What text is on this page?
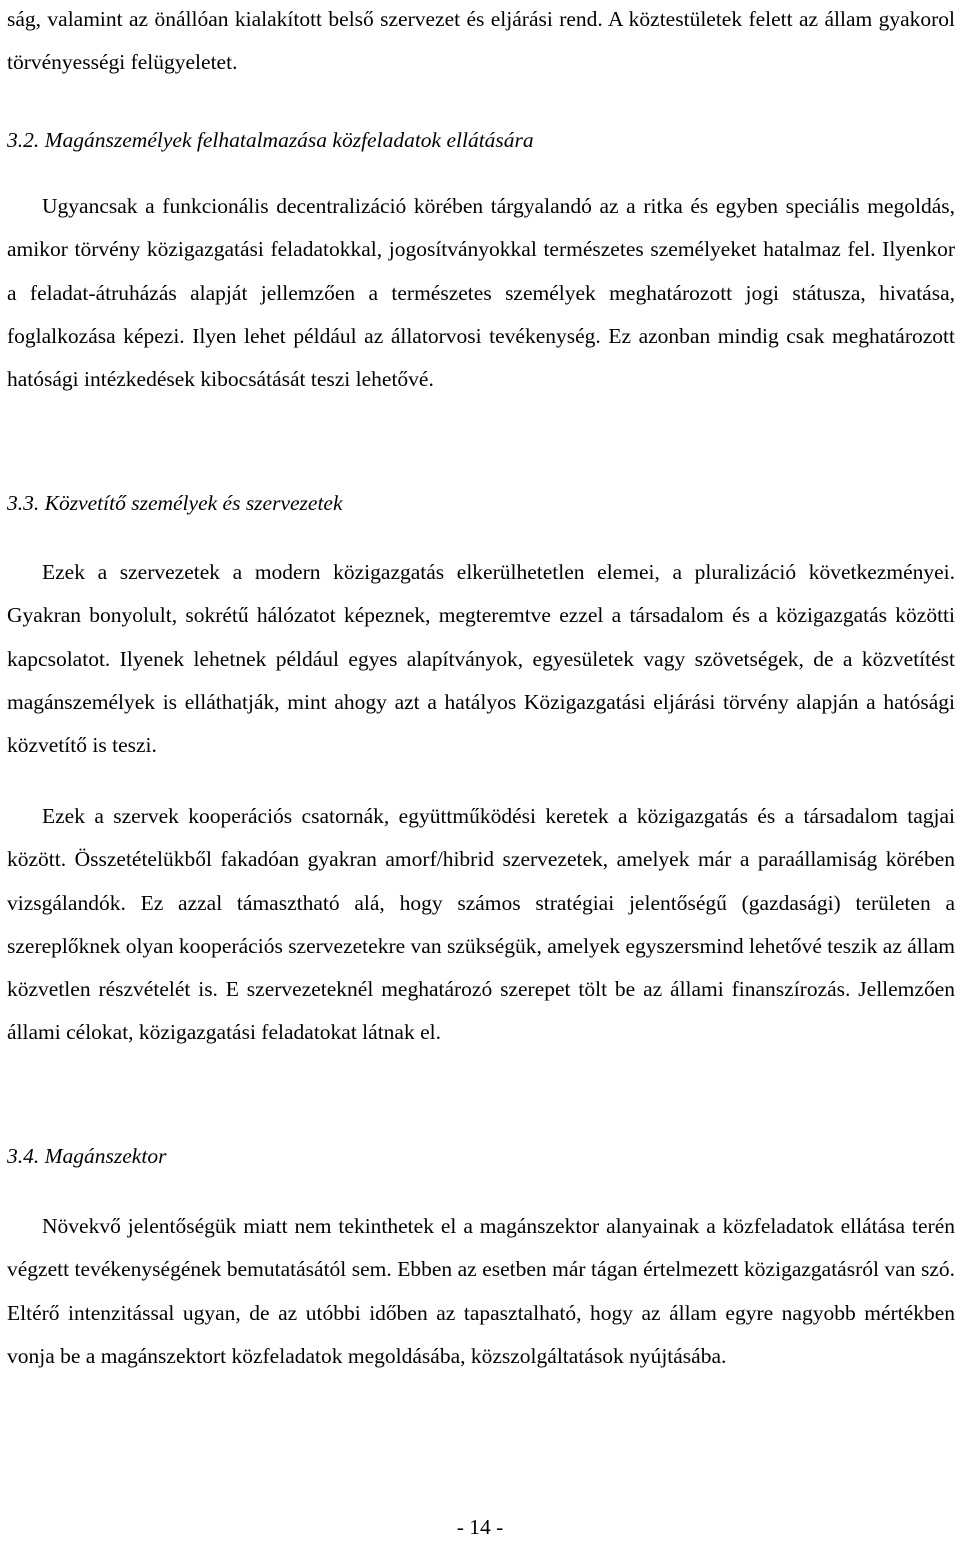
ság, valamint az önállóan kialakított belső szervezet és eljárási rend. A köztestületek felett az állam gyakorol törvényességi felügyeletet.

3.2. Magánszemélyek felhatalmazása közfeladatok ellátására

Ugyancsak a funkcionális decentralizáció körében tárgyalandó az a ritka és egyben speciális megoldás, amikor törvény közigazgatási feladatokkal, jogosítványokkal természetes személyeket hatalmaz fel. Ilyenkor a feladat-átruházás alapját jellemzően a természetes személyek meghatározott jogi státusza, hivatása, foglalkozása képezi. Ilyen lehet például az állatorvosi tevékenység. Ez azonban mindig csak meghatározott hatósági intézkedések kibocsátását teszi lehetővé.

3.3. Közvetítő személyek és szervezetek

Ezek a szervezetek a modern közigazgatás elkerülhetetlen elemei, a pluralizáció következményei. Gyakran bonyolult, sokrétű hálózatot képeznek, megteremtve ezzel a társadalom és a közigazgatás közötti kapcsolatot. Ilyenek lehetnek például egyes alapítványok, egyesületek vagy szövetségek, de a közvetítést magánszemélyek is elláthatják, mint ahogy azt a hatályos Közigazgatási eljárási törvény alapján a hatósági közvetítő is teszi.

Ezek a szervek kooperációs csatornák, együttműködési keretek a közigazgatás és a társadalom tagjai között. Összetételükből fakadóan gyakran amorf/hibrid szervezetek, amelyek már a paraállamiság körében vizsgálandók. Ez azzal támasztható alá, hogy számos stratégiai jelentőségű (gazdasági) területen a szereplőknek olyan kooperációs szervezetekre van szükségük, amelyek egyszersmind lehetővé teszik az állam közvetlen részvételét is. E szervezeteknél meghatározó szerepet tölt be az állami finanszírozás. Jellemzően állami célokat, közigazgatási feladatokat látnak el.

3.4. Magánszektor

Növekvő jelentőségük miatt nem tekinthetek el a magánszektor alanyainak a közfeladatok ellátása terén végzett tevékenységének bemutatásától sem. Ebben az esetben már tágan értelmezett közigazgatásról van szó. Eltérő intenzitással ugyan, de az utóbbi időben az tapasztalható, hogy az állam egyre nagyobb mértékben vonja be a magánszektort közfeladatok megoldásába, közszolgáltatások nyújtásába.

- 14 -
